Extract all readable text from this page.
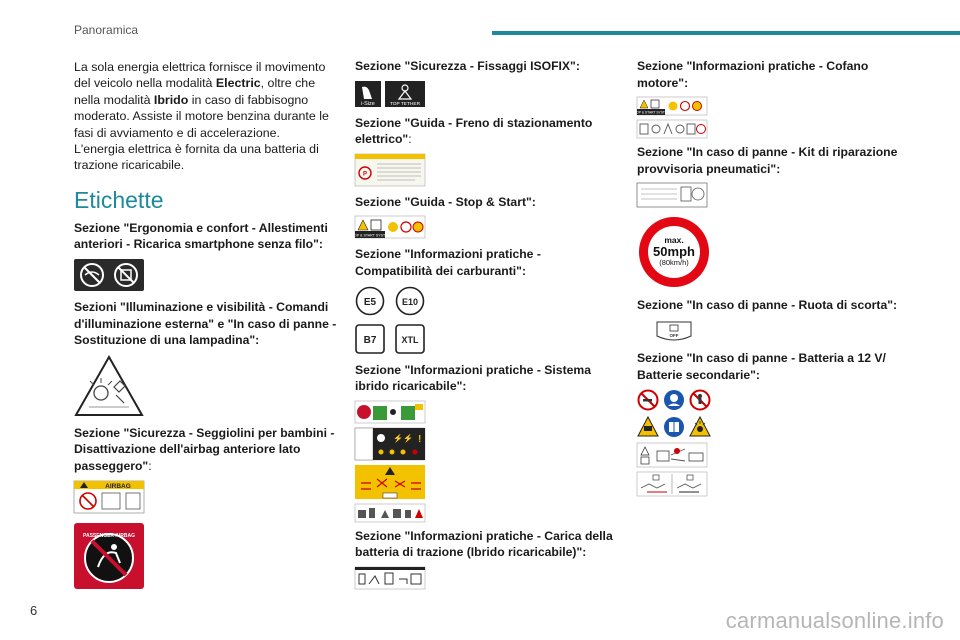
Panoramica

La sola energia elettrica fornisce il movimento del veicolo nella modalità Electric, oltre che nella modalità Ibrido in caso di fabbisogno moderato. Assiste il motore benzina durante le fasi di avviamento e di accelerazione.

L'energia elettrica è fornita da una batteria di trazione ricaricabile.

Etichette

Sezione "Ergonomia e confort - Allestimenti anteriori - Ricarica smartphone senza filo":

Sezioni "Illuminazione e visibilità - Comandi d'illuminazione esterna" e "In caso di panne - Sostituzione di una lampadina":

Sezione "Sicurezza - Seggiolini per bambini - Disattivazione dell'airbag anteriore lato passeggero":

AIRBAG
PASSENGER AIRBAG

Sezione "Sicurezza - Fissaggi ISOFIX":

i-Size	TOP TETHER

Sezione "Guida - Freno di stazionamento elettrico":

P

Sezione "Guida - Stop & Start":

STOP & START SYSTEM

Sezione "Informazioni pratiche - Compatibilità dei carburanti":

E5	E10
B7	XTL

Sezione "Informazioni pratiche - Sistema ibrido ricaricabile":

⚡⚡ !

Sezione "Informazioni pratiche - Carica della batteria di trazione (Ibrido ricaricabile)":

Sezione "Informazioni pratiche - Cofano motore":

STOP & START SYSTEM

Sezione "In caso di panne - Kit di riparazione provvisoria pneumatici":

max.
50mph
(80km/h)

Sezione "In caso di panne - Ruota di scorta":

OFF

Sezione "In caso di panne - Batteria a 12 V/ Batterie secondarie":

6	carmanualsonline.info
